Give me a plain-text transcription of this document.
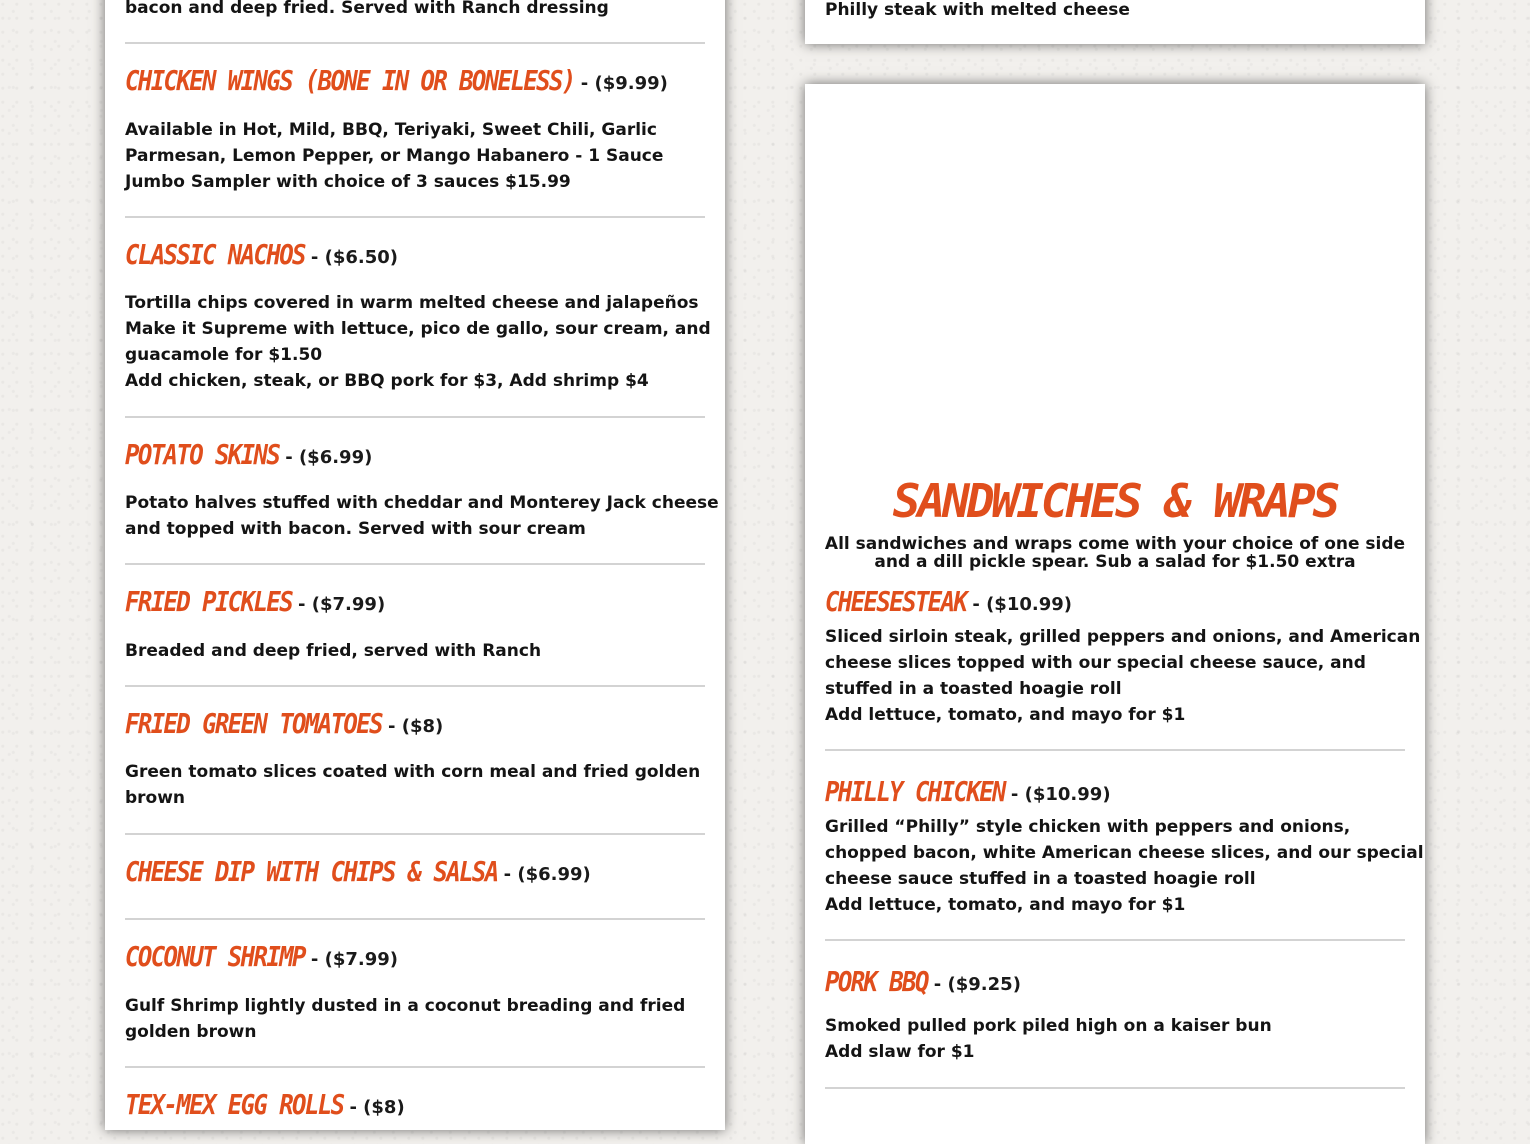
bacon and deep fried. Served with Ranch dressing
CHICKEN WINGS (BONE IN OR BONELESS) - ($9.99)
Available in Hot, Mild, BBQ, Teriyaki, Sweet Chili, Garlic
Parmesan, Lemon Pepper, or Mango Habanero - 1 Sauce
Jumbo Sampler with choice of 3 sauces $15.99
CLASSIC NACHOS - ($6.50)
Tortilla chips covered in warm melted cheese and jalapeños
Make it Supreme with lettuce, pico de gallo, sour cream, and
guacamole for $1.50
Add chicken, steak, or BBQ pork for $3, Add shrimp $4
POTATO SKINS - ($6.99)
Potato halves stuffed with cheddar and Monterey Jack cheese
and topped with bacon. Served with sour cream
FRIED PICKLES - ($7.99)
Breaded and deep fried, served with Ranch
FRIED GREEN TOMATOES - ($8)
Green tomato slices coated with corn meal and fried golden
brown
CHEESE DIP WITH CHIPS & SALSA - ($6.99)
COCONUT SHRIMP - ($7.99)
Gulf Shrimp lightly dusted in a coconut breading and fried
golden brown
TEX-MEX EGG ROLLS - ($8)
Philly steak with melted cheese
SANDWICHES & WRAPS
All sandwiches and wraps come with your choice of one side
and a dill pickle spear. Sub a salad for $1.50 extra
CHEESESTEAK - ($10.99)
Sliced sirloin steak, grilled peppers and onions, and American
cheese slices topped with our special cheese sauce, and
stuffed in a toasted hoagie roll
Add lettuce, tomato, and mayo for $1
PHILLY CHICKEN - ($10.99)
Grilled “Philly” style chicken with peppers and onions,
chopped bacon, white American cheese slices, and our special
cheese sauce stuffed in a toasted hoagie roll
Add lettuce, tomato, and mayo for $1
PORK BBQ - ($9.25)
Smoked pulled pork piled high on a kaiser bun
Add slaw for $1
